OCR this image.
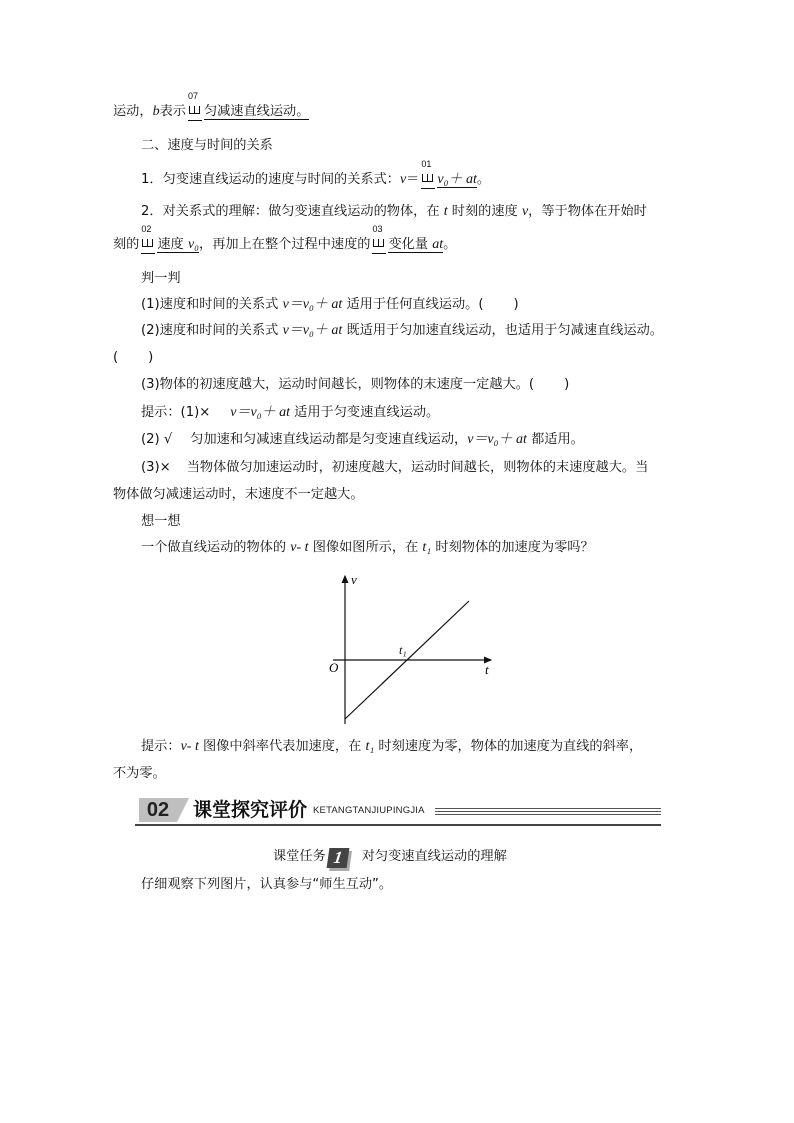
运动，b表示
07
匀减速直线运动。
二、速度与时间的关系
1．匀变速直线运动的速度与时间的关系式：v＝
01
v₀＋ at。
2．对关系式的理解：做匀变速直线运动的物体，在 t 时刻的速度 v，等于物体在开始时
刻的
02
速度 v₀，再加上在整个过程中速度的
03
变化量 at。
判一判
(1)速度和时间的关系式 v＝v₀＋ at 适用于任何直线运动。( )
(2)速度和时间的关系式 v＝v₀＋ at 既适用于匀加速直线运动，也适用于匀减速直线运动。
( )
(3)物体的初速度越大，运动时间越长，则物体的末速度一定越大。( )
提示：(1)× v＝v₀＋ at 适用于匀变速直线运动。
(2) √ 匀加速和匀减速直线运动都是匀变速直线运动，v＝v₀＋ at 都适用。
(3)× 当物体做匀加速运动时，初速度越大，运动时间越长，则物体的末速度越大。当
物体做匀减速运动时，末速度不一定越大。
想一想
一个做直线运动的物体的 v- t 图像如图所示，在 t₁ 时刻物体的加速度为零吗？
v
t
O
t₁
提示：v- t 图像中斜率代表加速度，在 t₁ 时刻速度为零，物体的加速度为直线的斜率，
不为零。
02	课堂探究评价 KETANGTANJIUPINGJIA
课堂任务 1 对匀变速直线运动的理解
仔细观察下列图片，认真参与“师生互动”。
